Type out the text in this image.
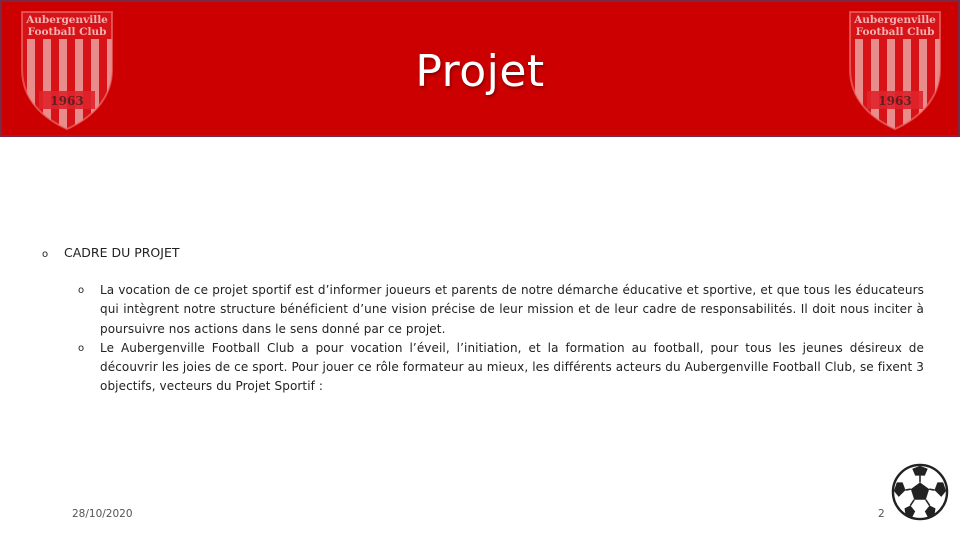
Aubergenville
Football Club
1963
Projet
Aubergenville
Football Club
1963
o	CADRE DU PROJET
o	La vocation de ce projet sportif est d’informer joueurs et parents de notre démarche éducative et sportive, et que tous les éducateurs qui intègrent notre structure bénéficient d’une vision précise de leur mission et de leur cadre de responsabilités. Il doit nous inciter à poursuivre nos actions dans le sens donné par ce projet.
o	Le Aubergenville Football Club a pour vocation l’éveil, l’initiation, et la formation au football, pour tous les jeunes désireux de découvrir les joies de ce sport. Pour jouer ce rôle formateur au mieux, les différents acteurs du Aubergenville Football Club, se fixent 3 objectifs, vecteurs du Projet Sportif :
28/10/2020	2
